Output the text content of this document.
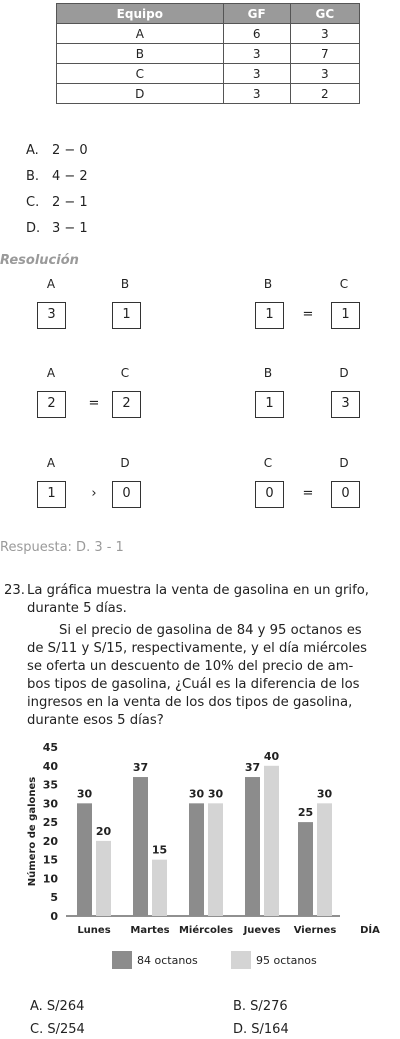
Equipo	GF	GC
A	6	3
B	3	7
C	3	3
D	3	2
A. 2 − 0
B. 4 − 2
C. 2 − 1
D. 3 − 1
Resolución
A
3
B
1
B
1	=
C
1
A
2	=
C
2
B
1
D
3
A
1	›
D
0
C
0	=
D
0
Respuesta: D. 3 - 1
23. La gráfica muestra la venta de gasolina en un grifo,
durante 5 días.
Si el precio de gasolina de 84 y 95 octanos es
de S/11 y S/15, respectivamente, y el día miércoles
se oferta un descuento de 10% del precio de am-
bos tipos de gasolina, ¿Cuál es la diferencia de los
ingresos en la venta de los dos tipos de gasolina,
durante esos 5 días?
0
5
10
15
20
25
30
35
40
45
Número de galones	30
20
Lunes
37
15
Martes
30 30
Miércoles
37
40
Jueves
25
30
Viernes DÍA
84 octanos	95 octanos
A. S/264	B. S/276
C. S/254	D. S/164
